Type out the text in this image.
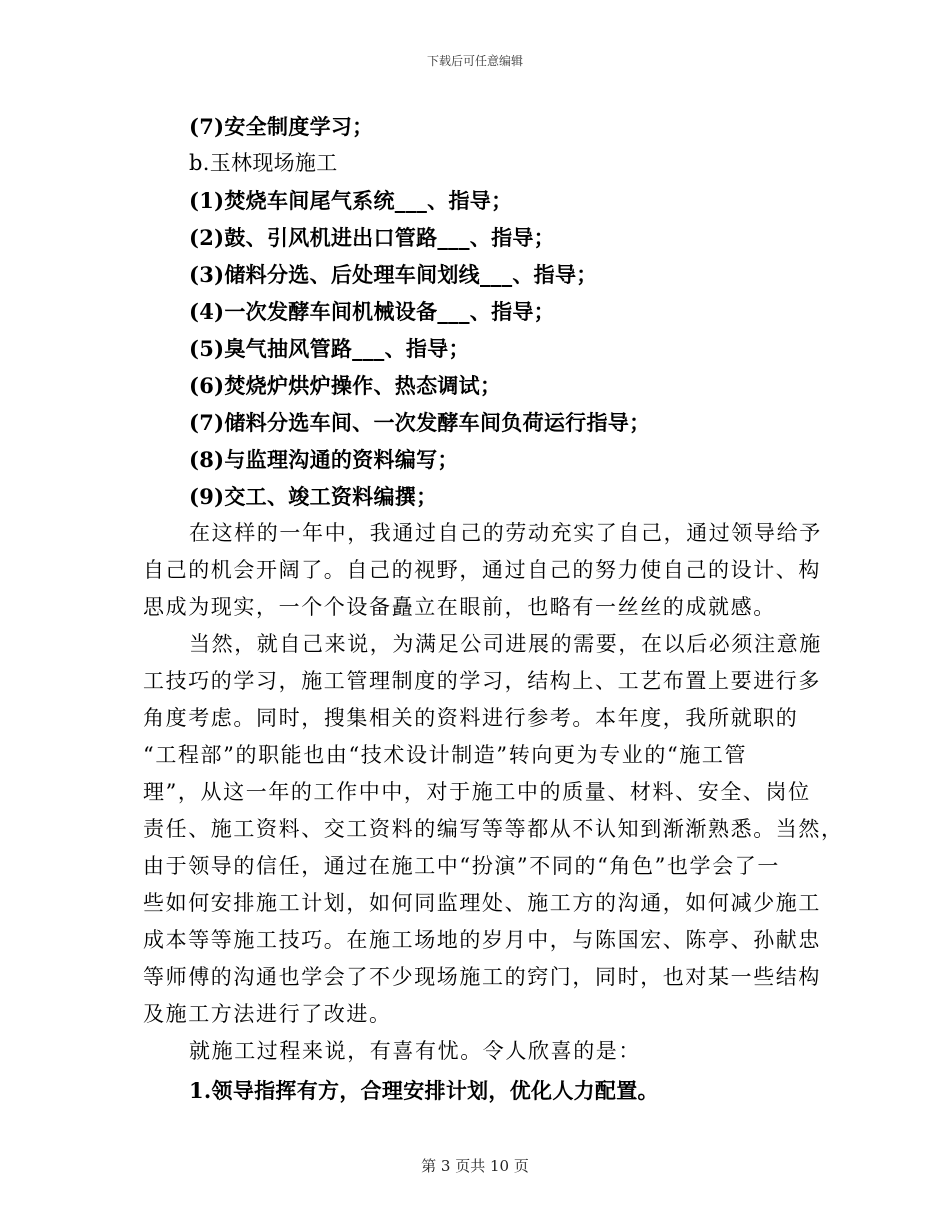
下载后可任意编辑
(7)安全制度学习；
b.玉林现场施工
(1)焚烧车间尾气系统___、指导；
(2)鼓、引风机进出口管路___、指导；
(3)储料分选、后处理车间划线___、指导；
(4)一次发酵车间机械设备___、指导；
(5)臭气抽风管路___、指导；
(6)焚烧炉烘炉操作、热态调试；
(7)储料分选车间、一次发酵车间负荷运行指导；
(8)与监理沟通的资料编写；
(9)交工、竣工资料编撰；
在这样的一年中，我通过自己的劳动充实了自己，通过领导给予
自己的机会开阔了。自己的视野，通过自己的努力使自己的设计、构
思成为现实，一个个设备矗立在眼前，也略有一丝丝的成就感。
当然，就自己来说，为满足公司进展的需要，在以后必须注意施
工技巧的学习，施工管理制度的学习，结构上、工艺布置上要进行多
角度考虑。同时，搜集相关的资料进行参考。本年度，我所就职的
“工程部”的职能也由“技术设计制造”转向更为专业的“施工管
理”，从这一年的工作中中，对于施工中的质量、材料、安全、岗位
责任、施工资料、交工资料的编写等等都从不认知到渐渐熟悉。当然，
由于领导的信任，通过在施工中“扮演”不同的“角色”也学会了一
些如何安排施工计划，如何同监理处、施工方的沟通，如何减少施工
成本等等施工技巧。在施工场地的岁月中，与陈国宏、陈亭、孙献忠
等师傅的沟通也学会了不少现场施工的窍门，同时，也对某一些结构
及施工方法进行了改进。
就施工过程来说，有喜有忧。令人欣喜的是：
1.领导指挥有方，合理安排计划，优化人力配置。
第 3 页共 10 页
